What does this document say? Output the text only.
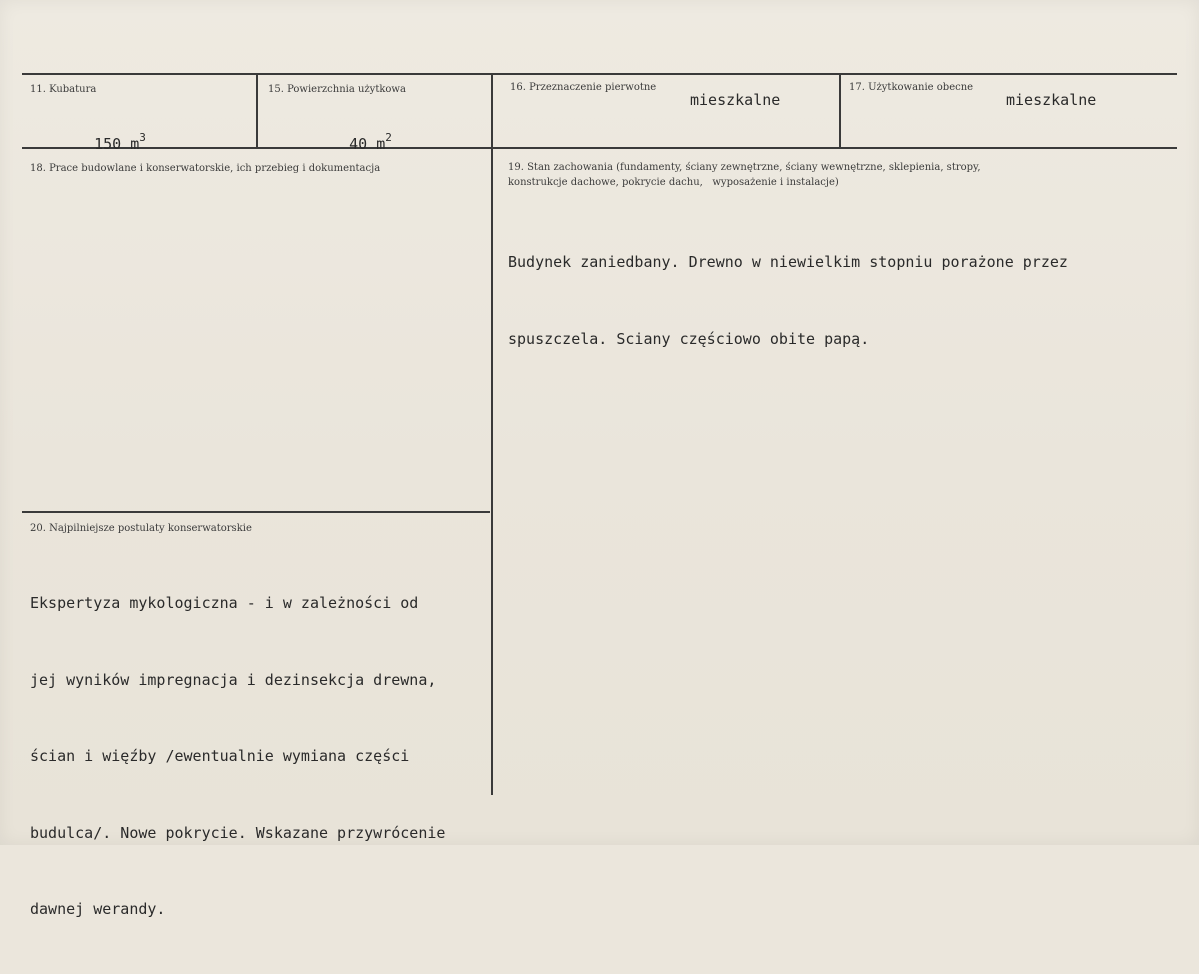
11. Kubatura

150 $m^3$

15. Powierzchnia użytkowa

40 $m^2$

16. Przeznaczenie pierwotne
mieszkalne
17. Użytkowanie obecne
mieszkalne
18. Prace budowlane i konserwatorskie, ich przebieg i dokumentacja	19. Stan zachowania (fundamenty, ściany zewnętrzne, ściany wewnętrzne, sklepienia, stropy,
konstrukcje dachowe, pokrycie dachu,   wyposażenie i instalacje)

Budynek zaniedbany. Drewno w niewielkim stopniu porażone przez

spuszczela. Sciany częściowo obite papą.

20. Najpilniejsze postulaty konserwatorskie

Ekspertyza mykologiczna - i w zależności od

jej wyników impregnacja i dezinsekcja drewna,

ścian i więźby /ewentualnie wymiana części

budulca/. Nowe pokrycie. Wskazane przywrócenie

dawnej werandy.
